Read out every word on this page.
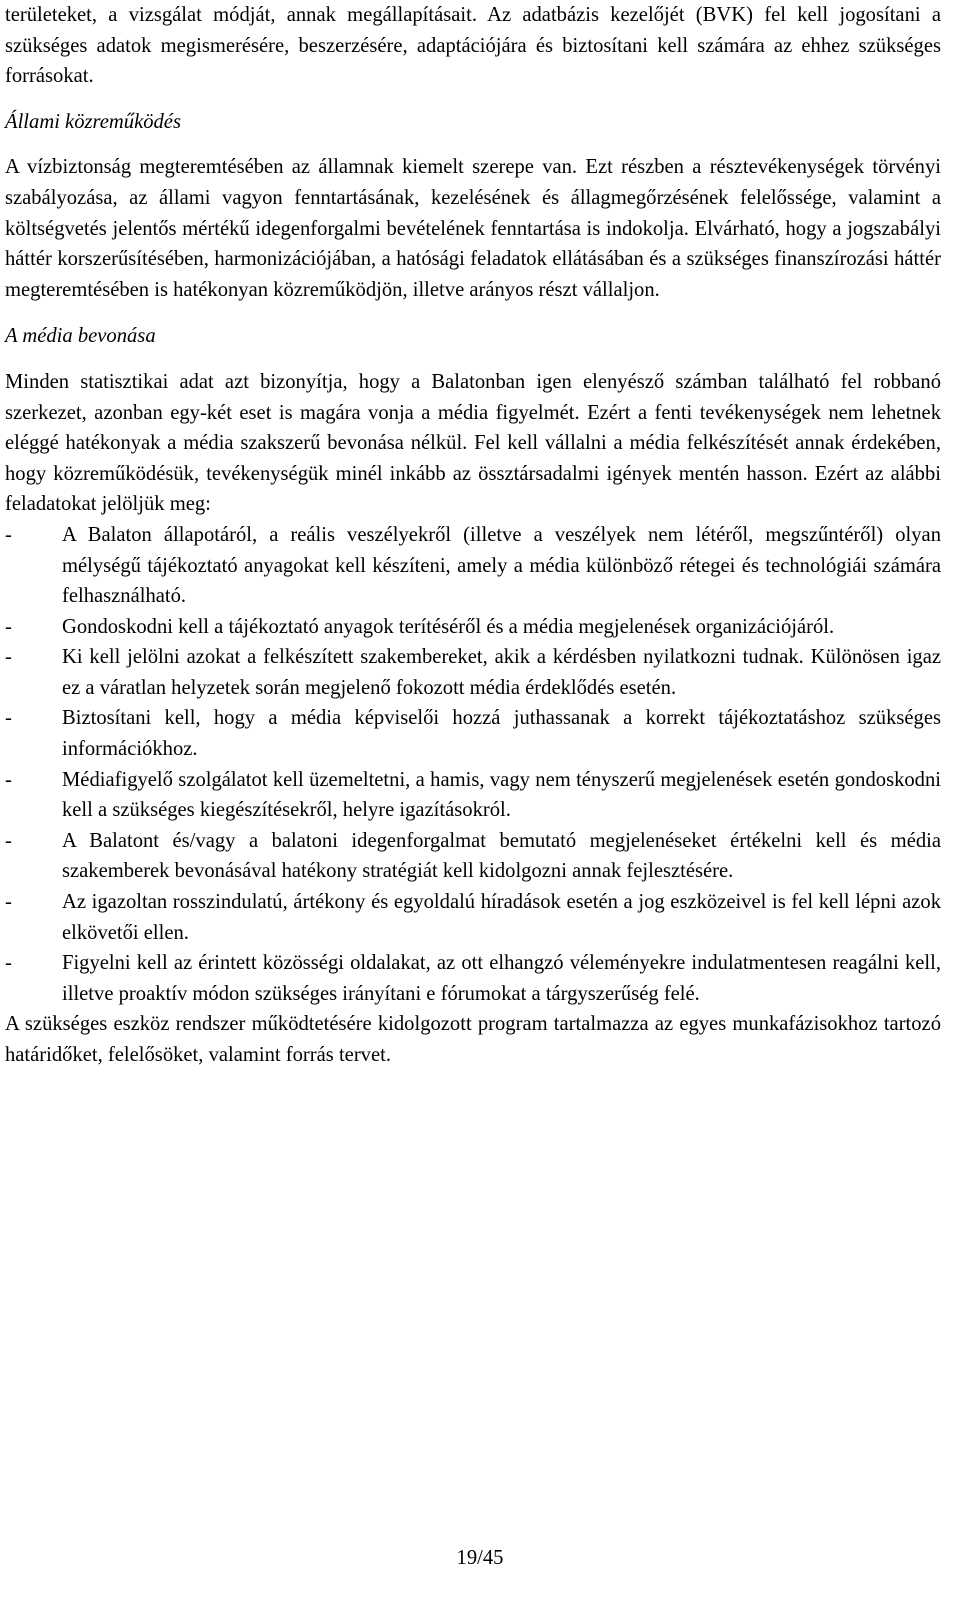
területeket, a vizsgálat módját, annak megállapításait. Az adatbázis kezelőjét (BVK) fel kell jogosítani a szükséges adatok megismerésére, beszerzésére, adaptációjára és biztosítani kell számára az ehhez szükséges forrásokat.

Állami közreműködés

A vízbiztonság megteremtésében az államnak kiemelt szerepe van. Ezt részben a résztevékenységek törvényi szabályozása, az állami vagyon fenntartásának, kezelésének és állagmegőrzésének felelőssége, valamint a költségvetés jelentős mértékű idegenforgalmi bevételének fenntartása is indokolja. Elvárható, hogy a jogszabályi háttér korszerűsítésében, harmonizációjában, a hatósági feladatok ellátásában és a szükséges finanszírozási háttér megteremtésében is hatékonyan közreműködjön, illetve arányos részt vállaljon.

A média bevonása

Minden statisztikai adat azt bizonyítja, hogy a Balatonban igen elenyésző számban található fel robbanó szerkezet, azonban egy-két eset is magára vonja a média figyelmét. Ezért a fenti tevékenységek nem lehetnek eléggé hatékonyak a média szakszerű bevonása nélkül. Fel kell vállalni a média felkészítését annak érdekében, hogy közreműködésük, tevékenységük minél inkább az össztársadalmi igények mentén hasson. Ezért az alábbi feladatokat jelöljük meg:

- A Balaton állapotáról, a reális veszélyekről (illetve a veszélyek nem létéről, megszűntéről) olyan mélységű tájékoztató anyagokat kell készíteni, amely a média különböző rétegei és technológiái számára felhasználható.
- Gondoskodni kell a tájékoztató anyagok terítéséről és a média megjelenések organizációjáról.
- Ki kell jelölni azokat a felkészített szakembereket, akik a kérdésben nyilatkozni tudnak. Különösen igaz ez a váratlan helyzetek során megjelenő fokozott média érdeklődés esetén.
- Biztosítani kell, hogy a média képviselői hozzá juthassanak a korrekt tájékoztatáshoz szükséges információkhoz.
- Médiafigyelő szolgálatot kell üzemeltetni, a hamis, vagy nem tényszerű megjelenések esetén gondoskodni kell a szükséges kiegészítésekről, helyre igazításokról.
- A Balatont és/vagy a balatoni idegenforgalmat bemutató megjelenéseket értékelni kell és média szakemberek bevonásával hatékony stratégiát kell kidolgozni annak fejlesztésére.
- Az igazoltan rosszindulatú, ártékony és egyoldalú híradások esetén a jog eszközeivel is fel kell lépni azok elkövetői ellen.
- Figyelni kell az érintett közösségi oldalakat, az ott elhangzó véleményekre indulatmentesen reagálni kell, illetve proaktív módon szükséges irányítani e fórumokat a tárgyszerűség felé.

A szükséges eszköz rendszer működtetésére kidolgozott program tartalmazza az egyes munkafázisokhoz tartozó határidőket, felelősöket, valamint forrás tervet.

19/45
